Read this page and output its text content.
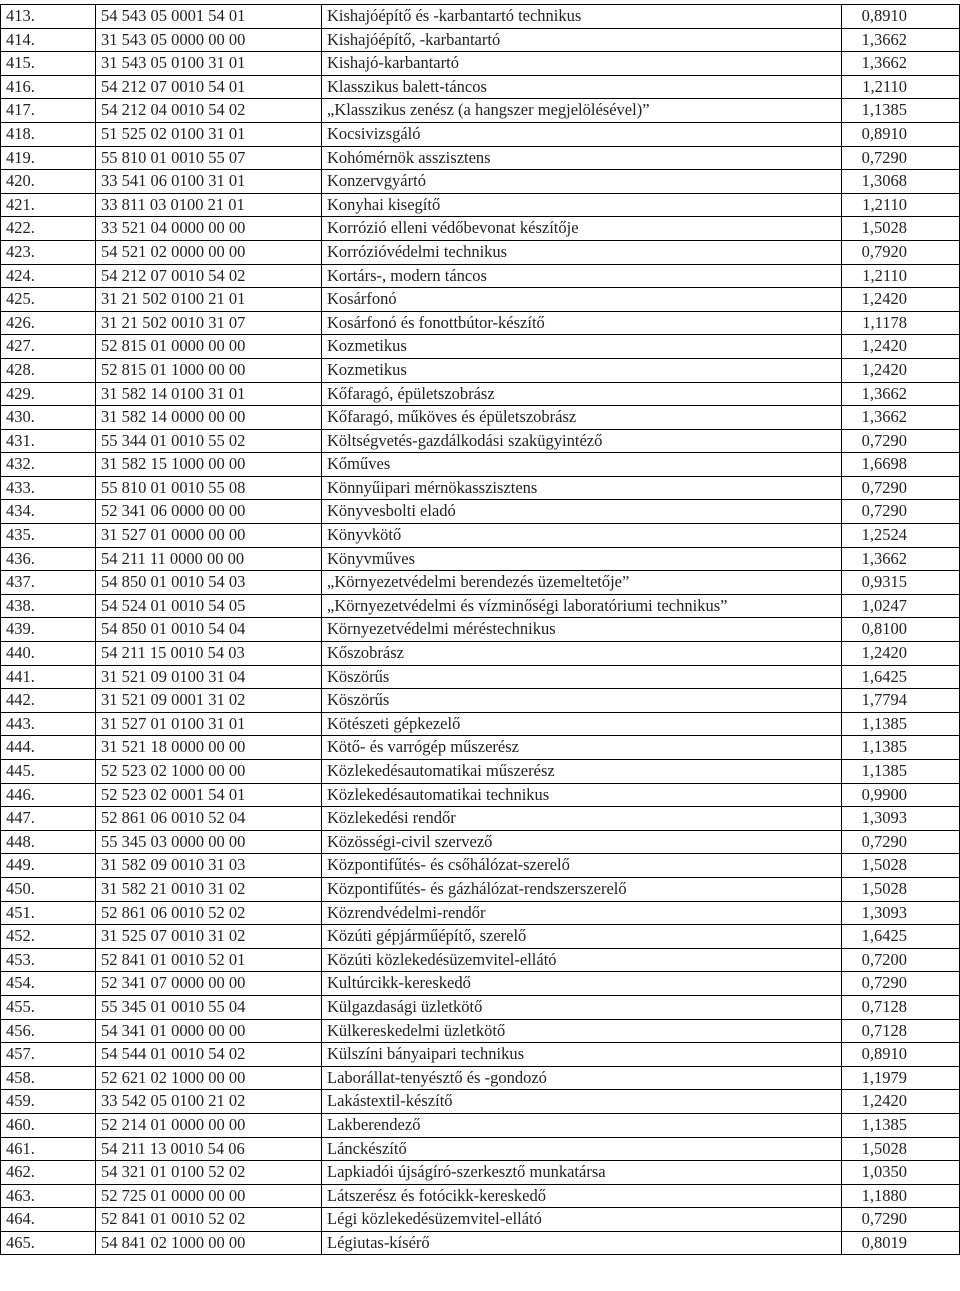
413.	54 543 05 0001 54 01	Kishajóépítő és -karbantartó technikus	0,8910
414.	31 543 05 0000 00 00	Kishajóépítő, -karbantartó	1,3662
415.	31 543 05 0100 31 01	Kishajó-karbantartó	1,3662
416.	54 212 07 0010 54 01	Klasszikus balett-táncos	1,2110
417.	54 212 04 0010 54 02	„Klasszikus zenész (a hangszer megjelölésével)”	1,1385
418.	51 525 02 0100 31 01	Kocsivizsgáló	0,8910
419.	55 810 01 0010 55 07	Kohómérnök asszisztens	0,7290
420.	33 541 06 0100 31 01	Konzervgyártó	1,3068
421.	33 811 03 0100 21 01	Konyhai kisegítő	1,2110
422.	33 521 04 0000 00 00	Korrózió elleni védőbevonat készítője	1,5028
423.	54 521 02 0000 00 00	Korrózióvédelmi technikus	0,7920
424.	54 212 07 0010 54 02	Kortárs-, modern táncos	1,2110
425.	31 21 502 0100 21 01	Kosárfonó	1,2420
426.	31 21 502 0010 31 07	Kosárfonó és fonottbútor-készítő	1,1178
427.	52 815 01 0000 00 00	Kozmetikus	1,2420
428.	52 815 01 1000 00 00	Kozmetikus	1,2420
429.	31 582 14 0100 31 01	Kőfaragó, épületszobrász	1,3662
430.	31 582 14 0000 00 00	Kőfaragó, műköves és épületszobrász	1,3662
431.	55 344 01 0010 55 02	Költségvetés-gazdálkodási szakügyintéző	0,7290
432.	31 582 15 1000 00 00	Kőműves	1,6698
433.	55 810 01 0010 55 08	Könnyűipari mérnökasszisztens	0,7290
434.	52 341 06 0000 00 00	Könyvesbolti eladó	0,7290
435.	31 527 01 0000 00 00	Könyvkötő	1,2524
436.	54 211 11 0000 00 00	Könyvműves	1,3662
437.	54 850 01 0010 54 03	„Környezetvédelmi berendezés üzemeltetője”	0,9315
438.	54 524 01 0010 54 05	„Környezetvédelmi és vízminőségi laboratóriumi technikus”	1,0247
439.	54 850 01 0010 54 04	Környezetvédelmi méréstechnikus	0,8100
440.	54 211 15 0010 54 03	Kőszobrász	1,2420
441.	31 521 09 0100 31 04	Köszörűs	1,6425
442.	31 521 09 0001 31 02	Köszörűs	1,7794
443.	31 527 01 0100 31 01	Kötészeti gépkezelő	1,1385
444.	31 521 18 0000 00 00	Kötő- és varrógép műszerész	1,1385
445.	52 523 02 1000 00 00	Közlekedésautomatikai műszerész	1,1385
446.	52 523 02 0001 54 01	Közlekedésautomatikai technikus	0,9900
447.	52 861 06 0010 52 04	Közlekedési rendőr	1,3093
448.	55 345 03 0000 00 00	Közösségi-civil szervező	0,7290
449.	31 582 09 0010 31 03	Központifűtés- és csőhálózat-szerelő	1,5028
450.	31 582 21 0010 31 02	Központifűtés- és gázhálózat-rendszerszerelő	1,5028
451.	52 861 06 0010 52 02	Közrendvédelmi-rendőr	1,3093
452.	31 525 07 0010 31 02	Közúti gépjárműépítő, szerelő	1,6425
453.	52 841 01 0010 52 01	Közúti közlekedésüzemvitel-ellátó	0,7200
454.	52 341 07 0000 00 00	Kultúrcikk-kereskedő	0,7290
455.	55 345 01 0010 55 04	Külgazdasági üzletkötő	0,7128
456.	54 341 01 0000 00 00	Külkereskedelmi üzletkötő	0,7128
457.	54 544 01 0010 54 02	Külszíni bányaipari technikus	0,8910
458.	52 621 02 1000 00 00	Laborállat-tenyésztő és -gondozó	1,1979
459.	33 542 05 0100 21 02	Lakástextil-készítő	1,2420
460.	52 214 01 0000 00 00	Lakberendező	1,1385
461.	54 211 13 0010 54 06	Lánckészítő	1,5028
462.	54 321 01 0100 52 02	Lapkiadói újságíró-szerkesztő munkatársa	1,0350
463.	52 725 01 0000 00 00	Látszerész és fotócikk-kereskedő	1,1880
464.	52 841 01 0010 52 02	Légi közlekedésüzemvitel-ellátó	0,7290
465.	54 841 02 1000 00 00	Légiutas-kísérő	0,8019
